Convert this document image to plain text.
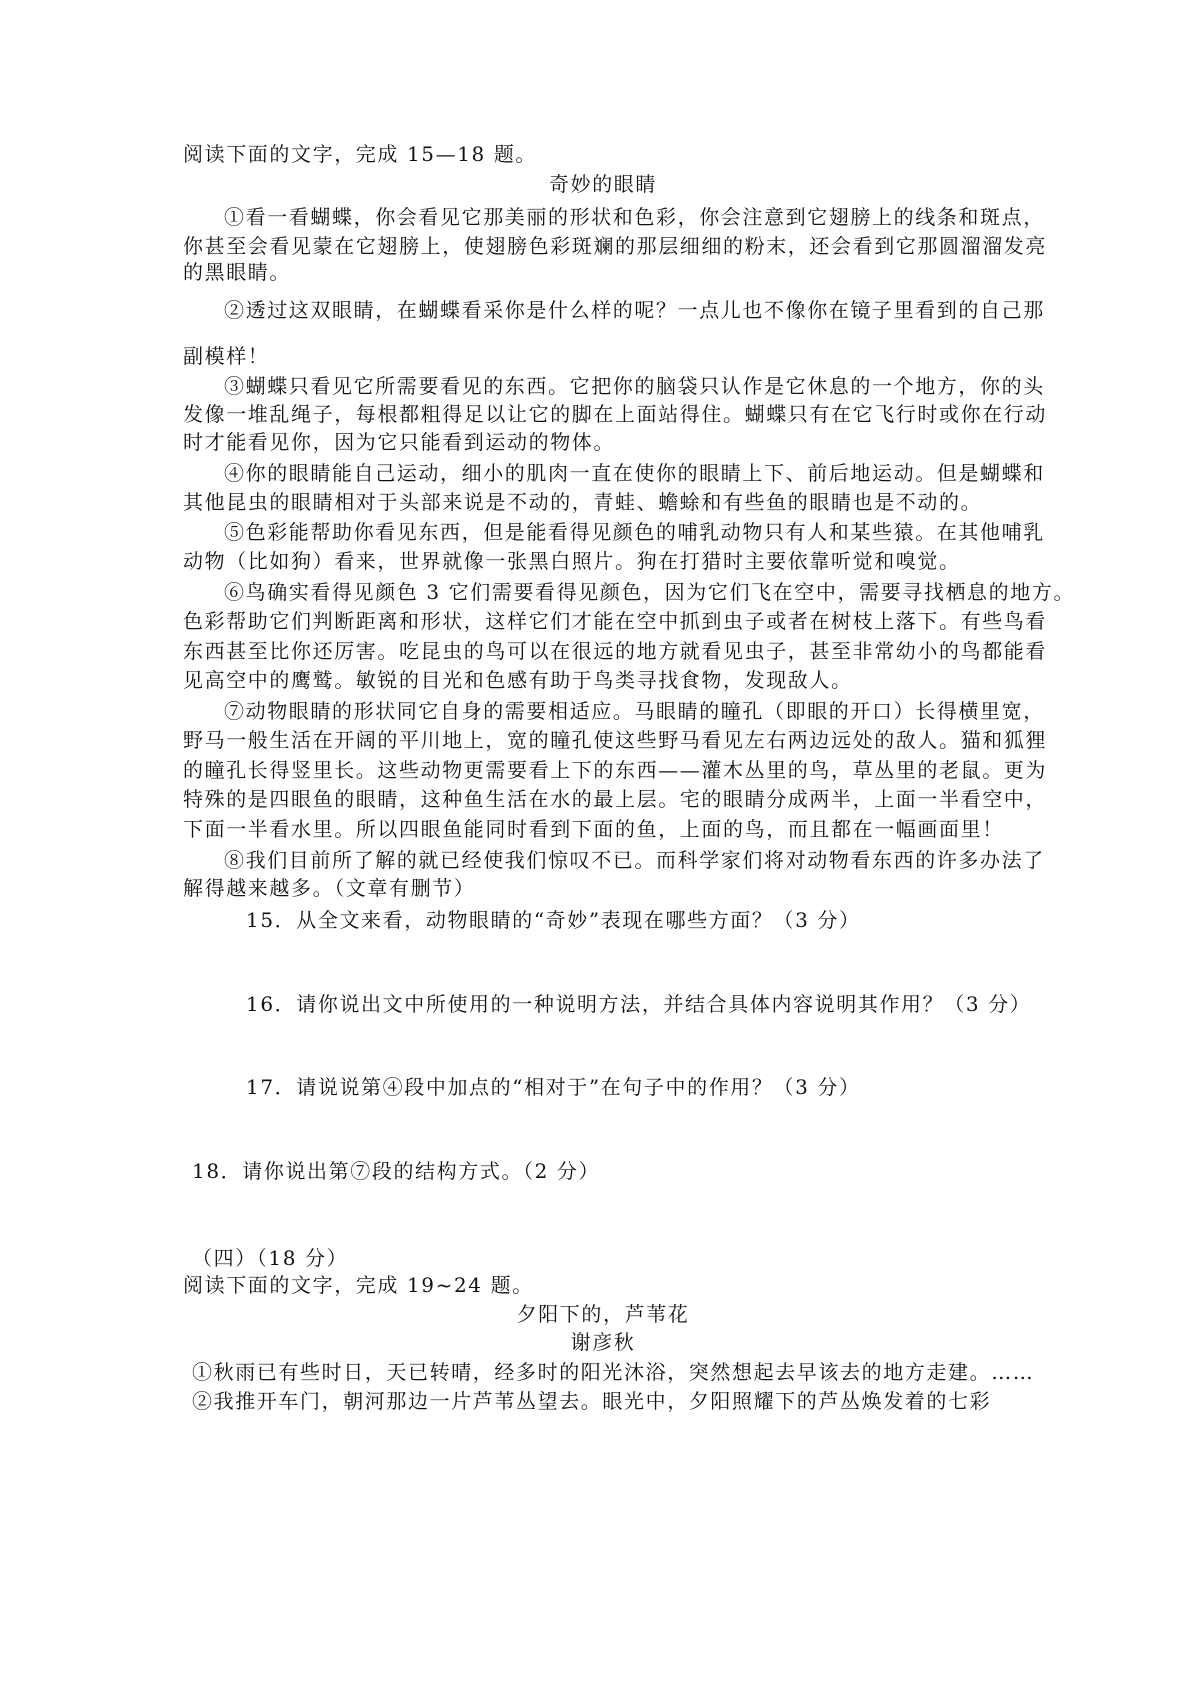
阅读下面的文字，完成 15—18 题。
奇妙的眼睛
①看一看蝴蝶，你会看见它那美丽的形状和色彩，你会注意到它翅膀上的线条和斑点，
你甚至会看见蒙在它翅膀上，使翅膀色彩斑斓的那层细细的粉末，还会看到它那圆溜溜发亮
的黑眼睛。
②透过这双眼睛，在蝴蝶看采你是什么样的呢？一点儿也不像你在镜子里看到的自己那
副模样！
③蝴蝶只看见它所需要看见的东西。它把你的脑袋只认作是它休息的一个地方，你的头
发像一堆乱绳子，每根都粗得足以让它的脚在上面站得住。蝴蝶只有在它飞行时或你在行动
时才能看见你，因为它只能看到运动的物体。
④你的眼睛能自己运动，细小的肌肉一直在使你的眼睛上下、前后地运动。但是蝴蝶和
其他昆虫的眼睛相对于头部来说是不动的，青蛙、蟾蜍和有些鱼的眼睛也是不动的。
⑤色彩能帮助你看见东西，但是能看得见颜色的哺乳动物只有人和某些猿。在其他哺乳
动物（比如狗）看来，世界就像一张黑白照片。狗在打猎时主要依靠听觉和嗅觉。
⑥鸟确实看得见颜色 3 它们需要看得见颜色，因为它们飞在空中，需要寻找栖息的地方。
色彩帮助它们判断距离和形状，这样它们才能在空中抓到虫子或者在树枝上落下。有些鸟看
东西甚至比你还厉害。吃昆虫的鸟可以在很远的地方就看见虫子，甚至非常幼小的鸟都能看
见高空中的鹰鹫。敏锐的目光和色感有助于鸟类寻找食物，发现敌人。
⑦动物眼睛的形状同它自身的需要相适应。马眼睛的瞳孔（即眼的开口）长得横里宽，
野马一般生活在开阔的平川地上，宽的瞳孔使这些野马看见左右两边远处的敌人。猫和狐狸
的瞳孔长得竖里长。这些动物更需要看上下的东西——灌木丛里的鸟，草丛里的老鼠。更为
特殊的是四眼鱼的眼睛，这种鱼生活在水的最上层。宅的眼睛分成两半，上面一半看空中，
下面一半看水里。所以四眼鱼能同时看到下面的鱼，上面的鸟，而且都在一幅画面里！
⑧我们目前所了解的就已经使我们惊叹不已。而科学家们将对动物看东西的许多办法了
解得越来越多。（文章有删节）
15．从全文来看，动物眼睛的“奇妙”表现在哪些方面？（3 分）
16．请你说出文中所使用的一种说明方法，并结合具体内容说明其作用？（3 分）
17．请说说第④段中加点的“相对于”在句子中的作用？（3 分）
18．请你说出第⑦段的结构方式。（2 分）
（四）（18 分）
阅读下面的文字，完成 19~24 题。
夕阳下的，芦苇花
谢彦秋
①秋雨已有些时日，天已转晴，经多时的阳光沐浴，突然想起去早该去的地方走建。……
②我推开车门，朝河那边一片芦苇丛望去。眼光中，夕阳照耀下的芦丛焕发着的七彩
